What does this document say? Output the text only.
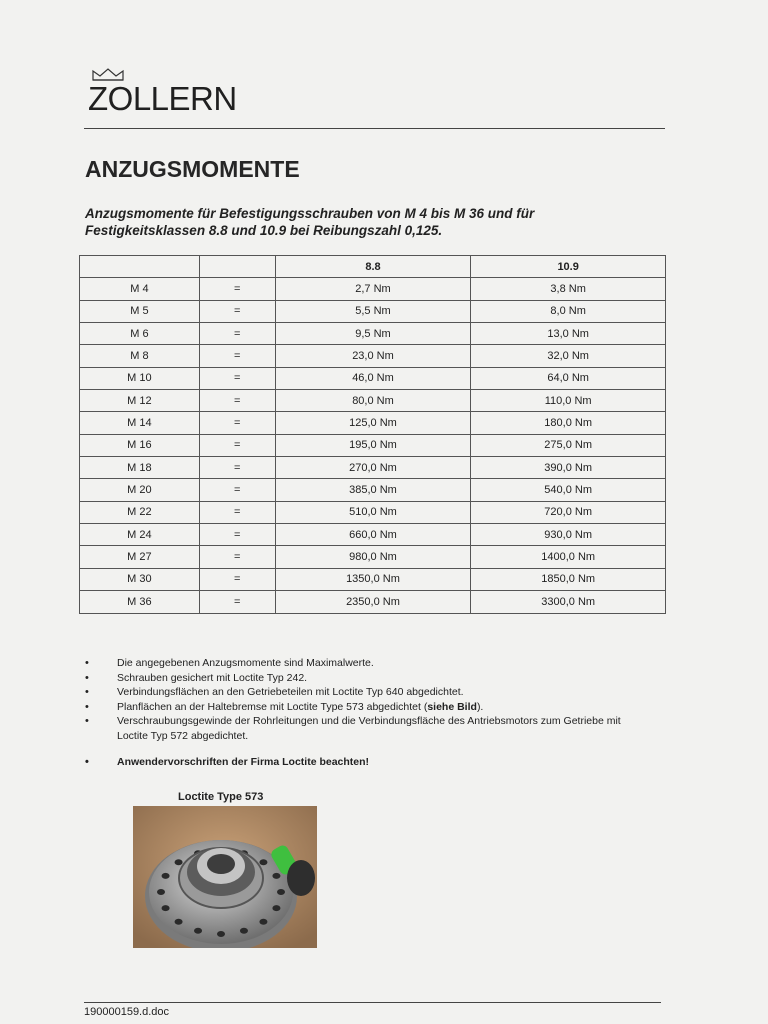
ZOLLERN
ANZUGSMOMENTE

Anzugsmomente für Befestigungsschrauben von M 4 bis M 36 und für Festigkeitsklassen 8.8 und 10.9 bei Reibungszahl 0,125.

		8.8	10.9
M 4	=	2,7 Nm	3,8 Nm
M 5	=	5,5 Nm	8,0 Nm
M 6	=	9,5 Nm	13,0 Nm
M 8	=	23,0 Nm	32,0 Nm
M 10	=	46,0 Nm	64,0 Nm
M 12	=	80,0 Nm	110,0 Nm
M 14	=	125,0 Nm	180,0 Nm
M 16	=	195,0 Nm	275,0 Nm
M 18	=	270,0 Nm	390,0 Nm
M 20	=	385,0 Nm	540,0 Nm
M 22	=	510,0 Nm	720,0 Nm
M 24	=	660,0 Nm	930,0 Nm
M 27	=	980,0 Nm	1400,0 Nm
M 30	=	1350,0 Nm	1850,0 Nm
M 36	=	2350,0 Nm	3300,0 Nm
• Die angegebenen Anzugsmomente sind Maximalwerte.
• Schrauben gesichert mit Loctite Typ 242.
• Verbindungsflächen an den Getriebeteilen mit Loctite Typ 640 abgedichtet.
• Planflächen an der Haltebremse mit Loctite Type 573 abgedichtet (siehe Bild).
• Verschraubungsgewinde der Rohrleitungen und die Verbindungsfläche des Antriebsmotors zum Getriebe mit Loctite Typ 572 abgedichtet.
• Anwendervorschriften der Firma Loctite beachten!
Loctite Type 573
190000159.d.doc
